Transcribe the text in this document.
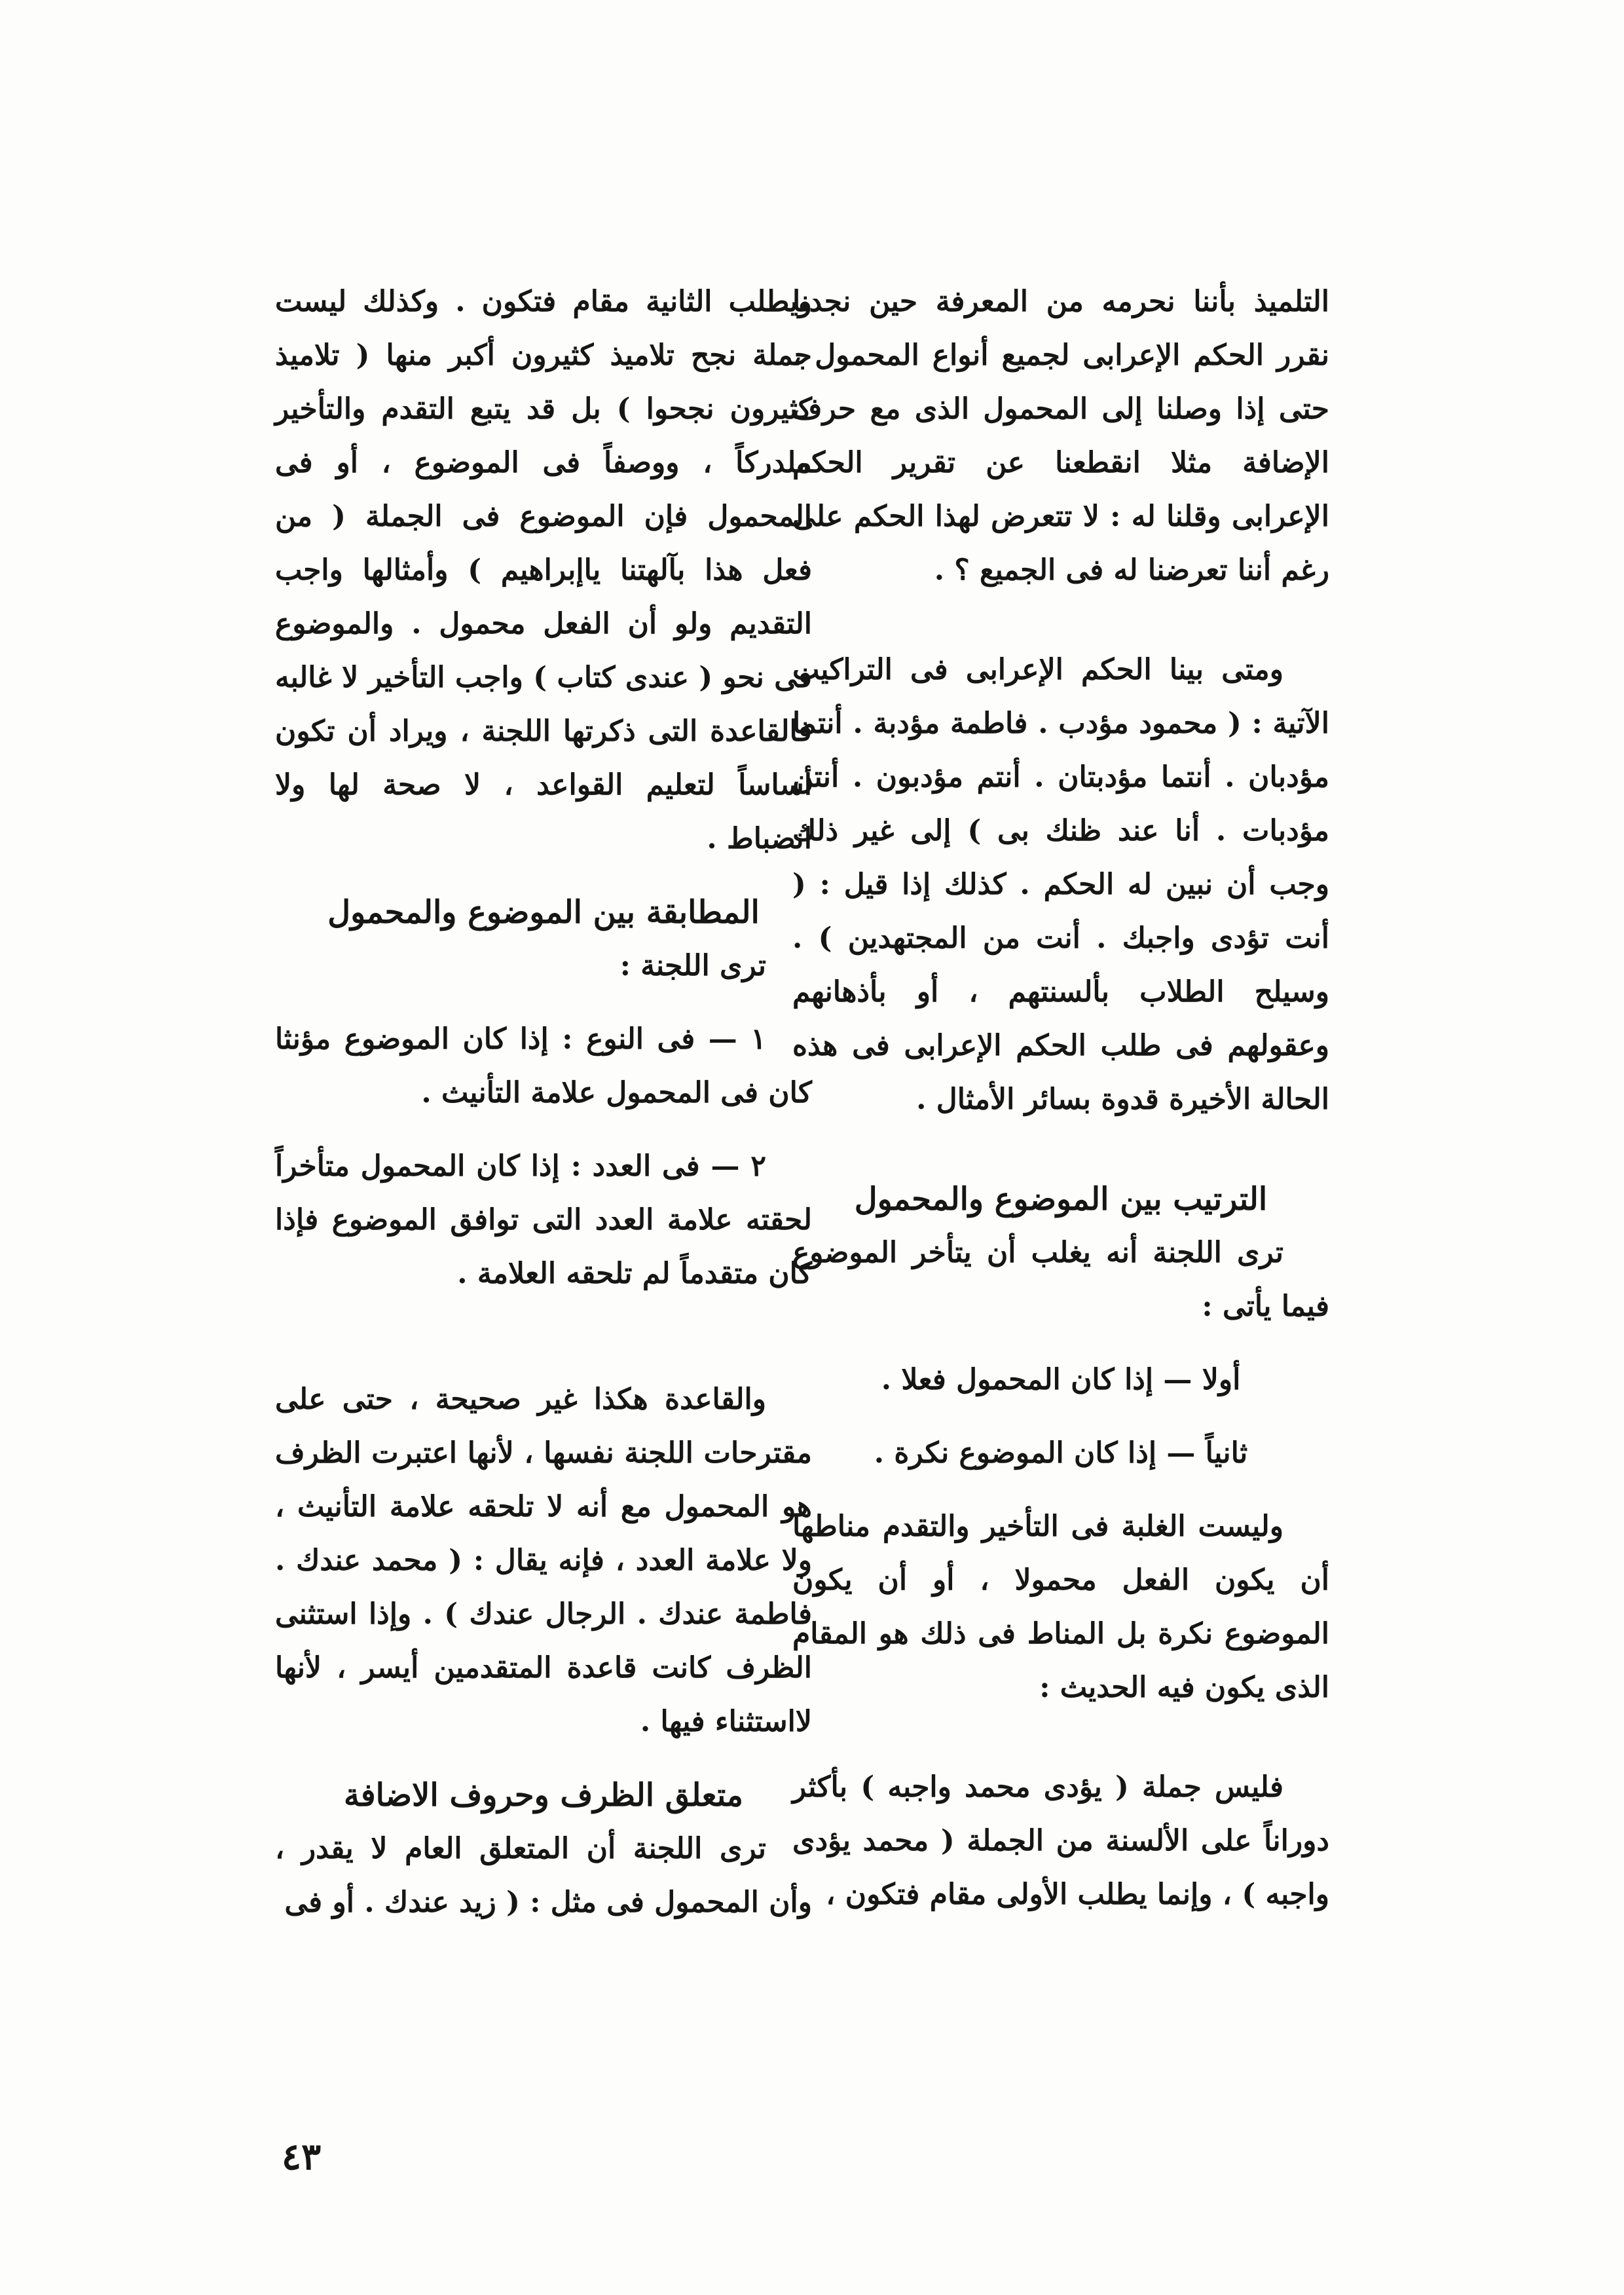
التلميذ بأننا نحرمه من المعرفة حين نجدنا نقرر الحكم الإعرابى لجميع أنواع المحمول ، حتى إذا وصلنا إلى المحمول الذى مع حرف الإضافة مثلا انقطعنا عن تقرير الحكم الإعرابى وقلنا له : لا تتعرض لهذا الحكم على رغم أننا تعرضنا له فى الجميع ؟ .

ومتى بينا الحكم الإعرابى فى التراكيب الآتية : ( محمود مؤدب . فاطمة مؤدبة . أنتما مؤدبان . أنتما مؤدبتان . أنتم مؤدبون . أنتن مؤدبات . أنا عند ظنك بى ) إلى غير ذلك وجب أن نبين له الحكم . كذلك إذا قيل : ( أنت تؤدى واجبك . أنت من المجتهدين ) . وسيلح الطلاب بألسنتهم ، أو بأذهانهم وعقولهم فى طلب الحكم الإعرابى فى هذه الحالة الأخيرة قدوة بسائر الأمثال .

الترتيب بين الموضوع والمحمول

ترى اللجنة أنه يغلب أن يتأخر الموضوع فيما يأتى :

أولا — إذا كان المحمول فعلا .

ثانياً — إذا كان الموضوع نكرة .

وليست الغلبة فى التأخير والتقدم مناطها أن يكون الفعل محمولا ، أو أن يكون الموضوع نكرة بل المناط فى ذلك هو المقام الذى يكون فيه الحديث :

فليس جملة ( يؤدى محمد واجبه ) بأكثر دوراناً على الألسنة من الجملة ( محمد يؤدى واجبه ) ، وإنما يطلب الأولى مقام فتكون ،

ويطلب الثانية مقام فتكون . وكذلك ليست جملة نجح تلاميذ كثيرون أكبر منها ( تلاميذ كثيرون نجحوا ) بل قد يتبع التقدم والتأخير ملدركاً ، ووصفاً فى الموضوع ، أو فى المحمول فإن الموضوع فى الجملة ( من فعل هذا بآلهتنا ياإبراهيم ) وأمثالها واجب التقديم ولو أن الفعل محمول . والموضوع فى نحو ( عندى كتاب ) واجب التأخير لا غالبه فالقاعدة التى ذكرتها اللجنة ، ويراد أن تكون أساساً لتعليم القواعد ، لا صحة لها ولا انضباط .

المطابقة بين الموضوع والمحمول

ترى اللجنة :

١ — فى النوع : إذا كان الموضوع مؤنثا كان فى المحمول علامة التأنيث .

٢ — فى العدد : إذا كان المحمول متأخراً لحقته علامة العدد التى توافق الموضوع فإذا كان متقدماً لم تلحقه العلامة .

والقاعدة هكذا غير صحيحة ، حتى على مقترحات اللجنة نفسها ، لأنها اعتبرت الظرف هو المحمول مع أنه لا تلحقه علامة التأنيث ، ولا علامة العدد ، فإنه يقال : ( محمد عندك . فاطمة عندك . الرجال عندك ) . وإذا استثنى الظرف كانت قاعدة المتقدمين أيسر ، لأنها لااستثناء فيها .

متعلق الظرف وحروف الاضافة

ترى اللجنة أن المتعلق العام لا يقدر ، وأن المحمول فى مثل : ( زيد عندك . أو فى

٤٣
